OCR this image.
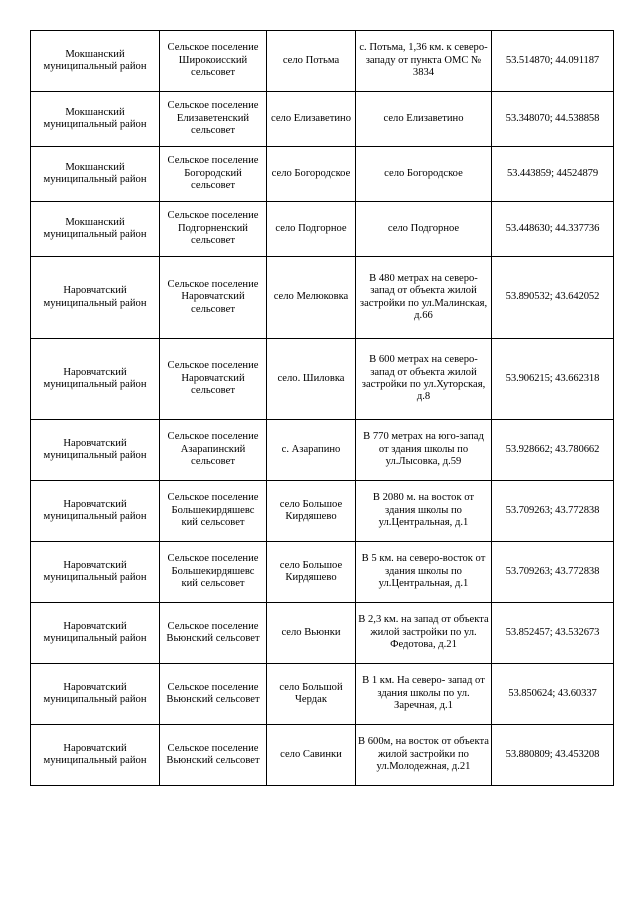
Мокшанский муниципальный район	Сельское поселение Широкоисский сельсовет	село Потьма	с. Потьма, 1,36 км. к северо-западу от пункта ОМС № 3834	53.514870; 44.091187
Мокшанский муниципальный район	Сельское поселение Елизаветенский сельсовет	село Елизаветино	село Елизаветино	53.348070; 44.538858
Мокшанский муниципальный район	Сельское поселение Богородский сельсовет	село Богородское	село Богородское	53.443859; 44524879
Мокшанский муниципальный район	Сельское поселение Подгорненский сельсовет	село Подгорное	село Подгорное	53.448630; 44.337736
Наровчатский муниципальный район	Сельское поселение Наровчатский сельсовет	село Мелюковка	В 480 метрах на северо-запад от объекта жилой застройки по ул.Малинская, д.66	53.890532; 43.642052
Наровчатский муниципальный район	Сельское поселение Наровчатский сельсовет	село. Шиловка	В 600 метрах на северо- запад от объекта жилой застройки по ул.Хуторская, д.8	53.906215; 43.662318
Наровчатский муниципальный район	Сельское поселение Азарапинский сельсовет	с. Азарапино	В 770 метрах на юго-запад от здания школы по ул.Лысовка, д.59	53.928662; 43.780662
Наровчатский муниципальный район	Сельское поселение Большекирдяшевс кий сельсовет	село Большое Кирдяшево	В 2080 м. на восток от здания школы по ул.Центральная, д.1	53.709263; 43.772838
Наровчатский муниципальный район	Сельское поселение Большекирдяшевс кий сельсовет	село Большое Кирдяшево	В 5 км. на северо-восток от здания школы по ул.Центральная, д.1	53.709263; 43.772838
Наровчатский муниципальный район	Сельское поселение Вьюнский сельсовет	село Вьюнки	В 2,3 км. на запад от объекта жилой застройки по ул. Федотова, д.21	53.852457; 43.532673
Наровчатский муниципальный район	Сельское поселение Вьюнский сельсовет	село Большой Чердак	В 1 км. На северо- запад от здания школы по ул. Заречная, д.1	53.850624; 43.60337
Наровчатский муниципальный район	Сельское поселение Вьюнский сельсовет	село Савинки	В 600м, на восток от объекта жилой застройки по ул.Молодежная, д.21	53.880809; 43.453208
